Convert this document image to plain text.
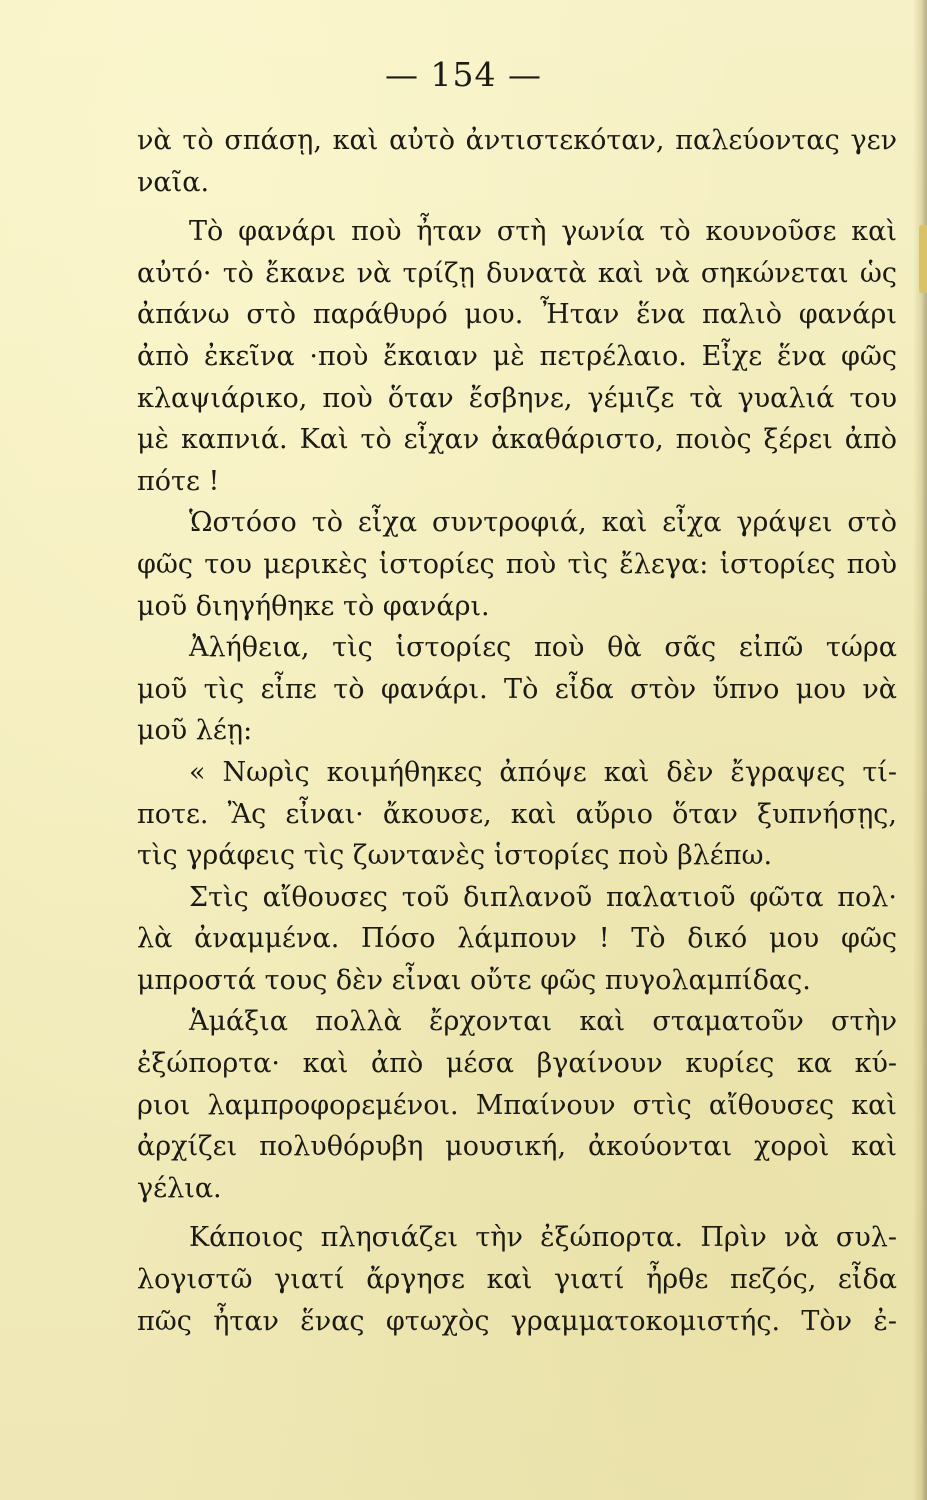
— 154 —
νὰ τὸ σπάσῃ, καὶ αὐτὸ ἀντιστεκόταν, παλεύοντας γεν
ναῖα.
Τὸ φανάρι ποὺ ἦταν στὴ γωνία τὸ κουνοῦσε καὶ
αὐτό· τὸ ἔκανε νὰ τρίζῃ δυνατὰ καὶ νὰ σηκώνεται ὡς
ἀπάνω στὸ παράθυρό μου. Ἦταν ἕνα παλιὸ φανάρι
ἀπὸ ἐκεῖνα ·ποὺ ἔκαιαν μὲ πετρέλαιο. Εἶχε ἕνα φῶς
κλαψιάρικο, ποὺ ὅταν ἔσβηνε, γέμιζε τὰ γυαλιά του
μὲ καπνιά. Καὶ τὸ εἶχαν ἀκαθάριστο, ποιὸς ξέρει ἀπὸ
πότε !
Ὡστόσο τὸ εἶχα συντροφιά, καὶ εἶχα γράψει στὸ
φῶς του μερικὲς ἱστορίες ποὺ τὶς ἔλεγα: ἱστορίες ποὺ
μοῦ διηγήθηκε τὸ φανάρι.
Ἀλήθεια, τὶς ἱστορίες ποὺ θὰ σᾶς εἰπῶ τώρα
μοῦ τὶς εἶπε τὸ φανάρι. Τὸ εἶδα στὸν ὕπνο μου νὰ
μοῦ λέῃ:
« Νωρὶς κοιμήθηκες ἀπόψε καὶ δὲν ἔγραψες τί-
ποτε. Ἂς εἶναι· ἄκουσε, καὶ αὔριο ὅταν ξυπνήσῃς,
τὶς γράφεις τὶς ζωντανὲς ἱστορίες ποὺ βλέπω.
Στὶς αἴθουσες τοῦ διπλανοῦ παλατιοῦ φῶτα πολ·
λὰ ἀναμμένα. Πόσο λάμπουν ! Τὸ δικό μου φῶς
μπροστά τους δὲν εἶναι οὔτε φῶς πυγολαμπίδας.
Ἁμάξια πολλὰ ἔρχονται καὶ σταματοῦν στὴν
ἐξώπορτα· καὶ ἀπὸ μέσα βγαίνουν κυρίες κα κύ-
ριοι λαμπροφορεμένοι. Μπαίνουν στὶς αἴθουσες καὶ
ἀρχίζει πολυθόρυβη μουσική, ἀκούονται χοροὶ καὶ
γέλια.
Κάποιος πλησιάζει τὴν ἐξώπορτα. Πρὶν νὰ συλ-
λογιστῶ γιατί ἄργησε καὶ γιατί ἦρθε πεζός, εἶδα
πῶς ἦταν ἕνας φτωχὸς γραμματοκομιστής. Τὸν ἐ-
